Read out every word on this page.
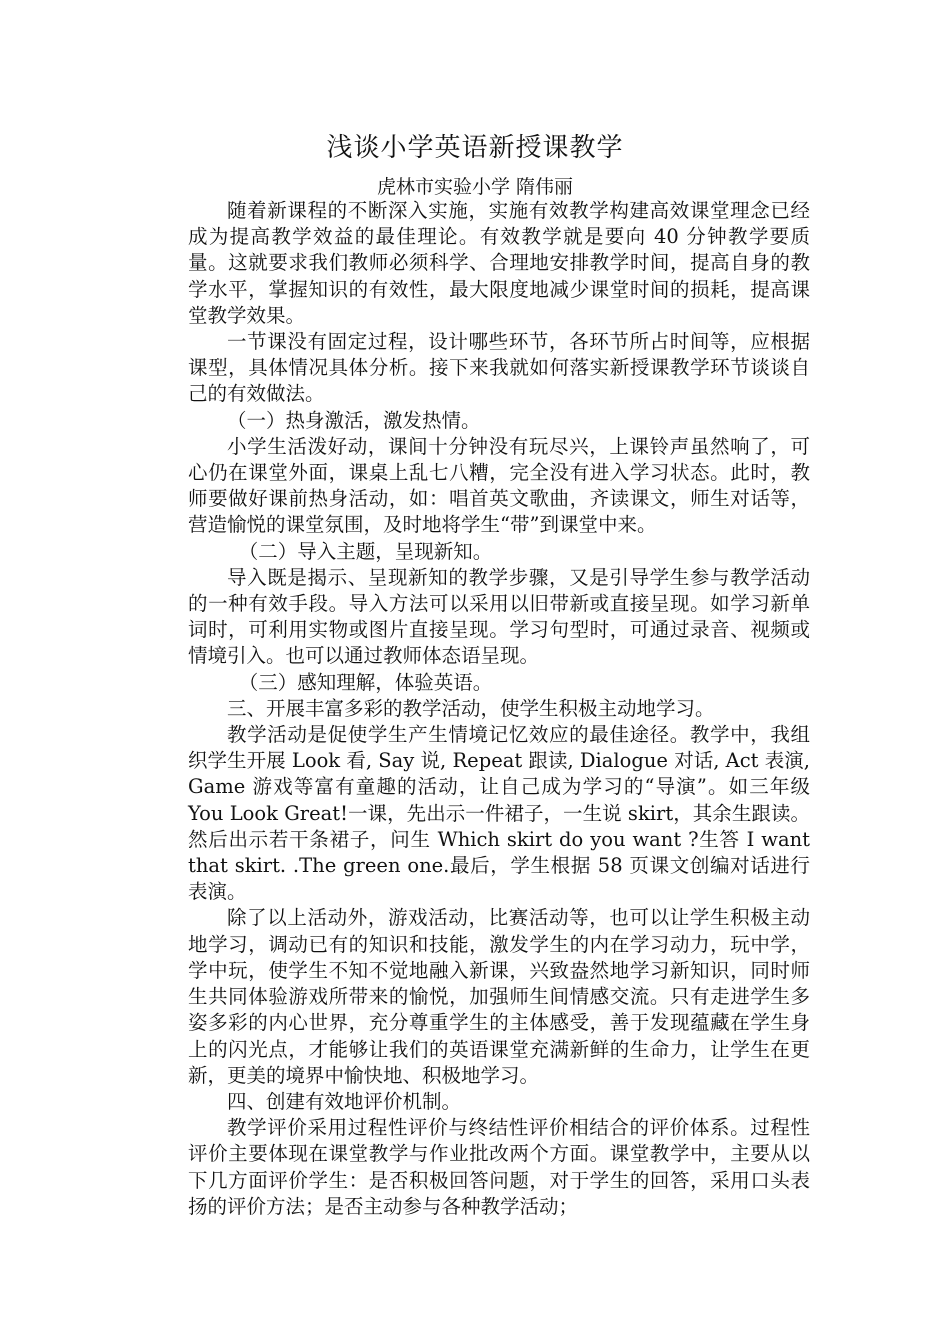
浅谈小学英语新授课教学
虎林市实验小学 隋伟丽

随着新课程的不断深入实施，实施有效教学构建高效课堂理念已经成为提高教学效益的最佳理论。有效教学就是要向 40 分钟教学要质量。这就要求我们教师必须科学、合理地安排教学时间，提高自身的教学水平，掌握知识的有效性，最大限度地减少课堂时间的损耗，提高课堂教学效果。

一节课没有固定过程，设计哪些环节，各环节所占时间等，应根据课型，具体情况具体分析。接下来我就如何落实新授课教学环节谈谈自己的有效做法。

（一）热身激活，激发热情。

小学生活泼好动，课间十分钟没有玩尽兴，上课铃声虽然响了，可心仍在课堂外面，课桌上乱七八糟，完全没有进入学习状态。此时，教师要做好课前热身活动，如：唱首英文歌曲，齐读课文，师生对话等，营造愉悦的课堂氛围，及时地将学生“带”到课堂中来。

（二）导入主题，呈现新知。

导入既是揭示、呈现新知的教学步骤，又是引导学生参与教学活动的一种有效手段。导入方法可以采用以旧带新或直接呈现。如学习新单词时，可利用实物或图片直接呈现。学习句型时，可通过录音、视频或情境引入。也可以通过教师体态语呈现。

（三）感知理解，体验英语。

三、开展丰富多彩的教学活动，使学生积极主动地学习。

教学活动是促使学生产生情境记忆效应的最佳途径。教学中，我组织学生开展 Look 看, Say 说, Repeat 跟读, Dialogue 对话, Act 表演, Game 游戏等富有童趣的活动，让自己成为学习的“导演”。如三年级 You Look Great!一课，先出示一件裙子，一生说 skirt，其余生跟读。然后出示若干条裙子，问生 Which skirt do you want ?生答 I want that skirt. .The green one.最后，学生根据 58 页课文创编对话进行表演。

除了以上活动外，游戏活动，比赛活动等，也可以让学生积极主动地学习，调动已有的知识和技能，激发学生的内在学习动力，玩中学，学中玩，使学生不知不觉地融入新课，兴致盎然地学习新知识，同时师生共同体验游戏所带来的愉悦，加强师生间情感交流。只有走进学生多姿多彩的内心世界，充分尊重学生的主体感受，善于发现蕴藏在学生身上的闪光点，才能够让我们的英语课堂充满新鲜的生命力，让学生在更新，更美的境界中愉快地、积极地学习。

四、创建有效地评价机制。

教学评价采用过程性评价与终结性评价相结合的评价体系。过程性评价主要体现在课堂教学与作业批改两个方面。课堂教学中，主要从以下几方面评价学生：是否积极回答问题，对于学生的回答，采用口头表扬的评价方法；是否主动参与各种教学活动；
